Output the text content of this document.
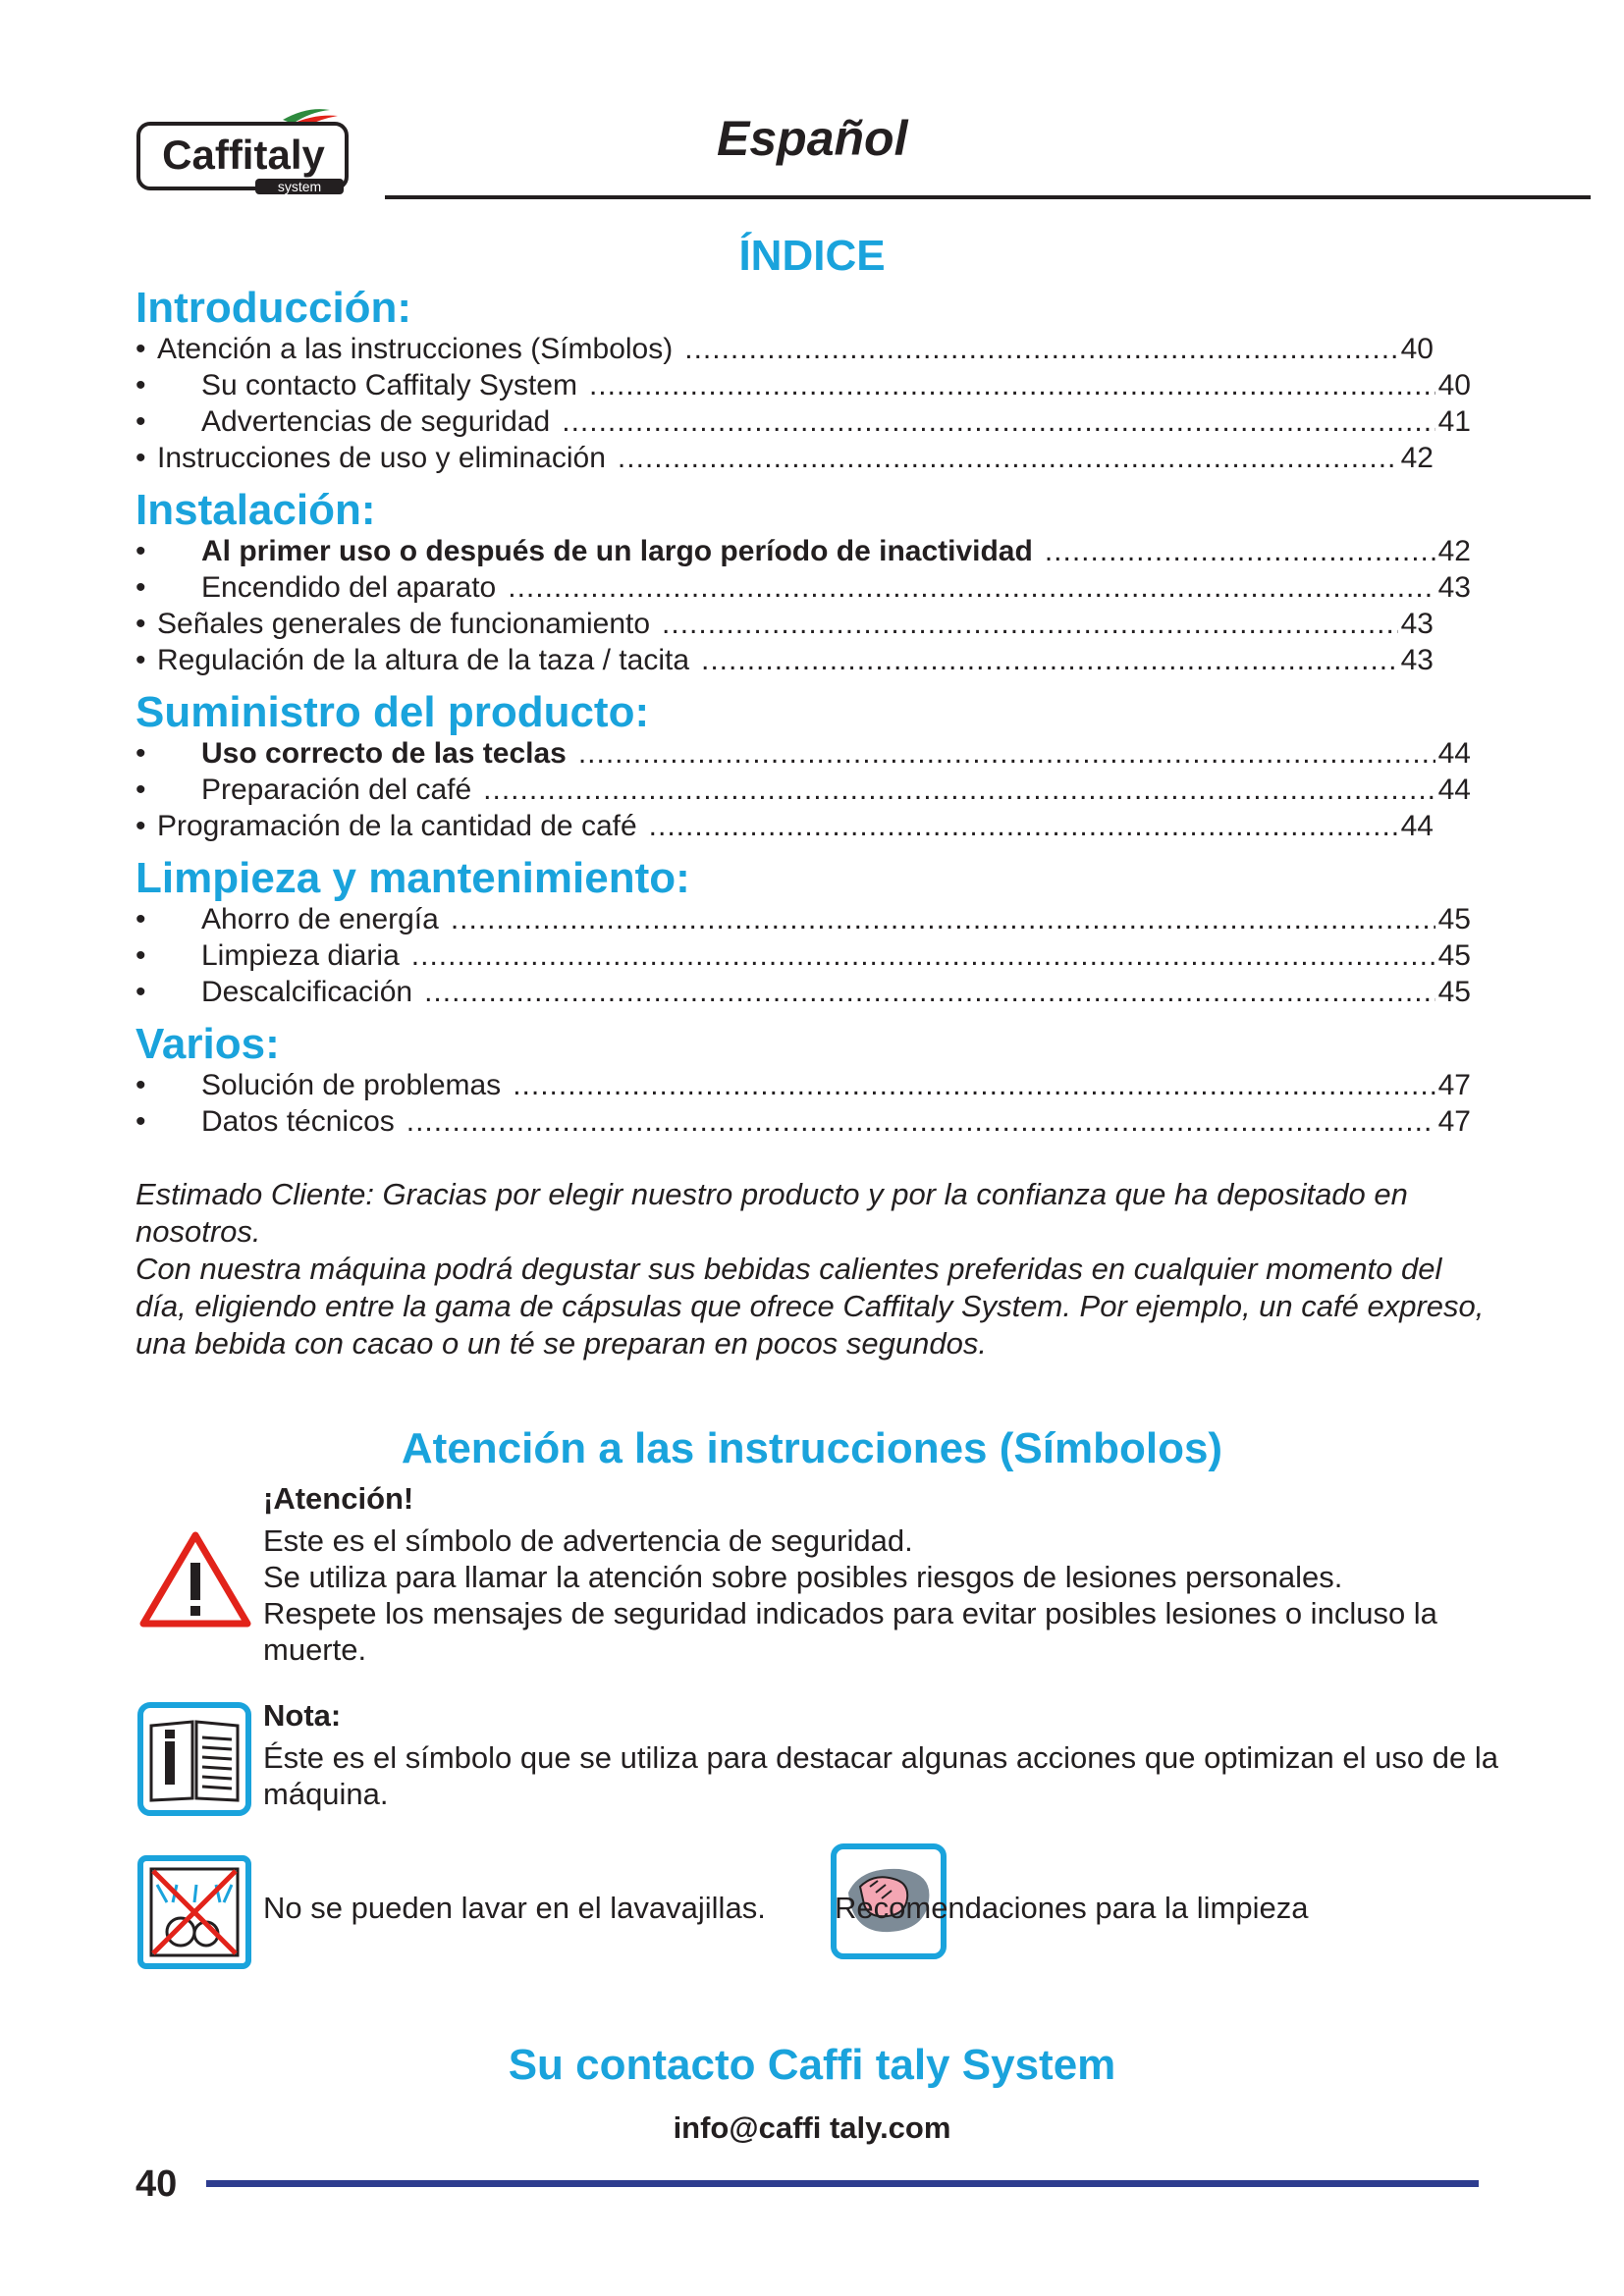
Caffitaly
system
Español
ÍNDICE
Introducción:
• Atención a las instrucciones (Símbolos) .....	40
•	Su contacto Caffitaly System .....	40
•	Advertencias de seguridad .....	41
• Instrucciones de uso y eliminación .....	42
Instalación:
•	Al primer uso o después de un largo período de inactividad .....	42
•	Encendido del aparato .....	43
• Señales generales de funcionamiento .....	43
• Regulación de la altura de la taza / tacita .....	43
Suministro del producto:
•	Uso correcto de las teclas .....	44
•	Preparación del café .....	44
• Programación de la cantidad de café .....	44
Limpieza y mantenimiento:
•	Ahorro de energía .....	45
•	Limpieza diaria .....	45
•	Descalcificación .....	45
Varios:
•	Solución de problemas .....	47
•	Datos técnicos .....	47

Estimado Cliente: Gracias por elegir nuestro producto y por la confianza que ha depositado en nosotros.

Con nuestra máquina podrá degustar sus bebidas calientes preferidas en cualquier momento del día, eligiendo entre la gama de cápsulas que ofrece Caffitaly System. Por ejemplo, un café expreso, una bebida con cacao o un té se preparan en pocos segundos.

Atención a las instrucciones (Símbolos)
¡Atención!

Este es el símbolo de advertencia de seguridad.

Se utiliza para llamar la atención sobre posibles riesgos de lesiones personales.

Respete los mensajes de seguridad indicados para evitar posibles lesiones o incluso la muerte.

Nota:

Éste es el símbolo que se utiliza para destacar algunas acciones que optimizan el uso de la máquina.

No se pueden lavar en el lavavajillas. Recomendaciones para la limpieza
Su contacto Caffi taly System
info@caffi taly.com
40
